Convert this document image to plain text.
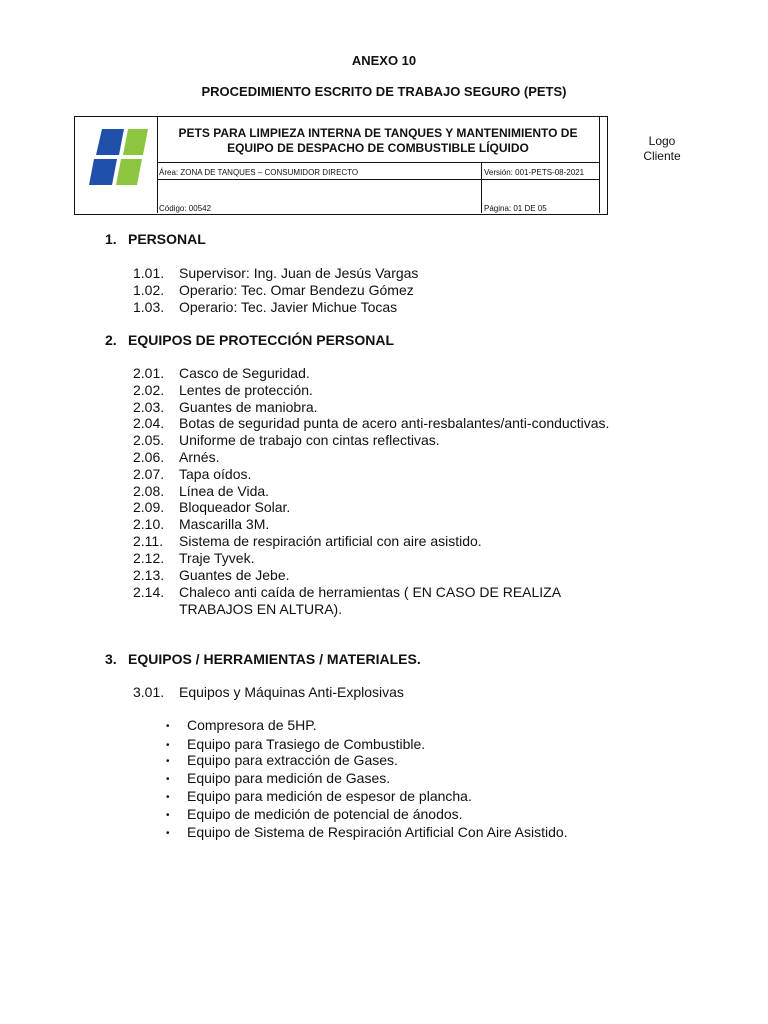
ANEXO 10
PROCEDIMIENTO ESCRITO DE TRABAJO SEGURO (PETS)
PETS PARA LIMPIEZA INTERNA DE TANQUES Y MANTENIMIENTO DE
EQUIPO DE DESPACHO DE COMBUSTIBLE LÍQUIDO	Logo
Cliente
Área: ZONA DE TANQUES – CONSUMIDOR DIRECTO	Versión: 001-PETS-08-2021
Código: 00542	Página: 01 DE 05
1. PERSONAL
1.01. Supervisor: Ing. Juan de Jesús Vargas
1.02. Operario: Tec. Omar Bendezu Gómez
1.03. Operario: Tec. Javier Michue Tocas
2. EQUIPOS DE PROTECCIÓN PERSONAL
2.01. Casco de Seguridad.
2.02. Lentes de protección.
2.03. Guantes de maniobra.
2.04. Botas de seguridad punta de acero anti-resbalantes/anti-conductivas.
2.05. Uniforme de trabajo con cintas reflectivas.
2.06. Arnés.
2.07. Tapa oídos.
2.08. Línea de Vida.
2.09. Bloqueador Solar.
2.10. Mascarilla 3M.
2.11. Sistema de respiración artificial con aire asistido.
2.12. Traje Tyvek.
2.13. Guantes de Jebe.
2.14. Chaleco anti caída de herramientas ( EN CASO DE REALIZA
TRABAJOS EN ALTURA).
3. EQUIPOS / HERRAMIENTAS / MATERIALES.
3.01. Equipos y Máquinas Anti-Explosivas
• Compresora de 5HP.
• Equipo para Trasiego de Combustible.
• Equipo para extracción de Gases.
• Equipo para medición de Gases.
• Equipo para medición de espesor de plancha.
• Equipo de medición de potencial de ánodos.
• Equipo de Sistema de Respiración Artificial Con Aire Asistido.
